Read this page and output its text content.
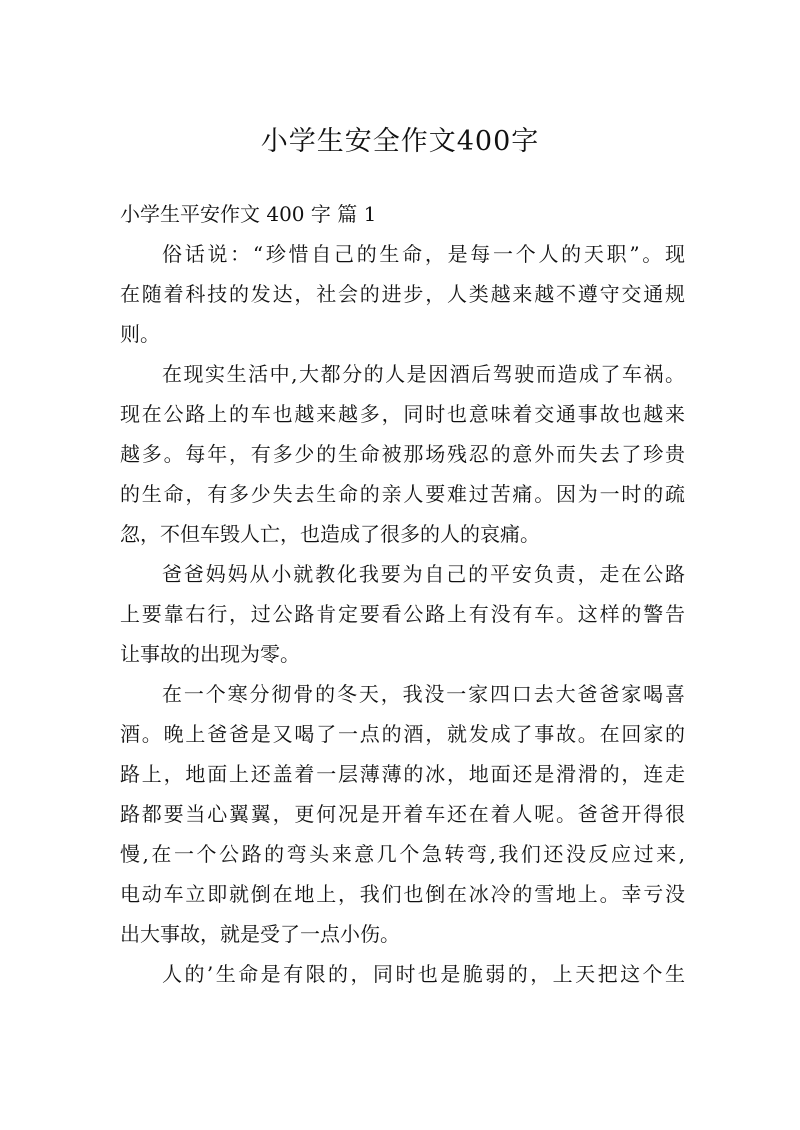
小学生安全作文400字
小学生平安作文 400 字 篇 1
俗话说：“珍惜自己的生命，是每一个人的天职”。现
在随着科技的发达，社会的进步，人类越来越不遵守交通规
则。
在现实生活中,大都分的人是因酒后驾驶而造成了车祸。
现在公路上的车也越来越多，同时也意味着交通事故也越来
越多。每年，有多少的生命被那场残忍的意外而失去了珍贵
的生命，有多少失去生命的亲人要难过苦痛。因为一时的疏
忽，不但车毁人亡，也造成了很多的人的哀痛。
爸爸妈妈从小就教化我要为自己的平安负责，走在公路
上要靠右行，过公路肯定要看公路上有没有车。这样的警告
让事故的出现为零。
在一个寒分彻骨的冬天，我没一家四口去大爸爸家喝喜
酒。晚上爸爸是又喝了一点的酒，就发成了事故。在回家的
路上，地面上还盖着一层薄薄的冰，地面还是滑滑的，连走
路都要当心翼翼，更何况是开着车还在着人呢。爸爸开得很
慢,在一个公路的弯头来意几个急转弯,我们还没反应过来,
电动车立即就倒在地上，我们也倒在冰冷的雪地上。幸亏没
出大事故，就是受了一点小伤。
人的’生命是有限的，同时也是脆弱的，上天把这个生
